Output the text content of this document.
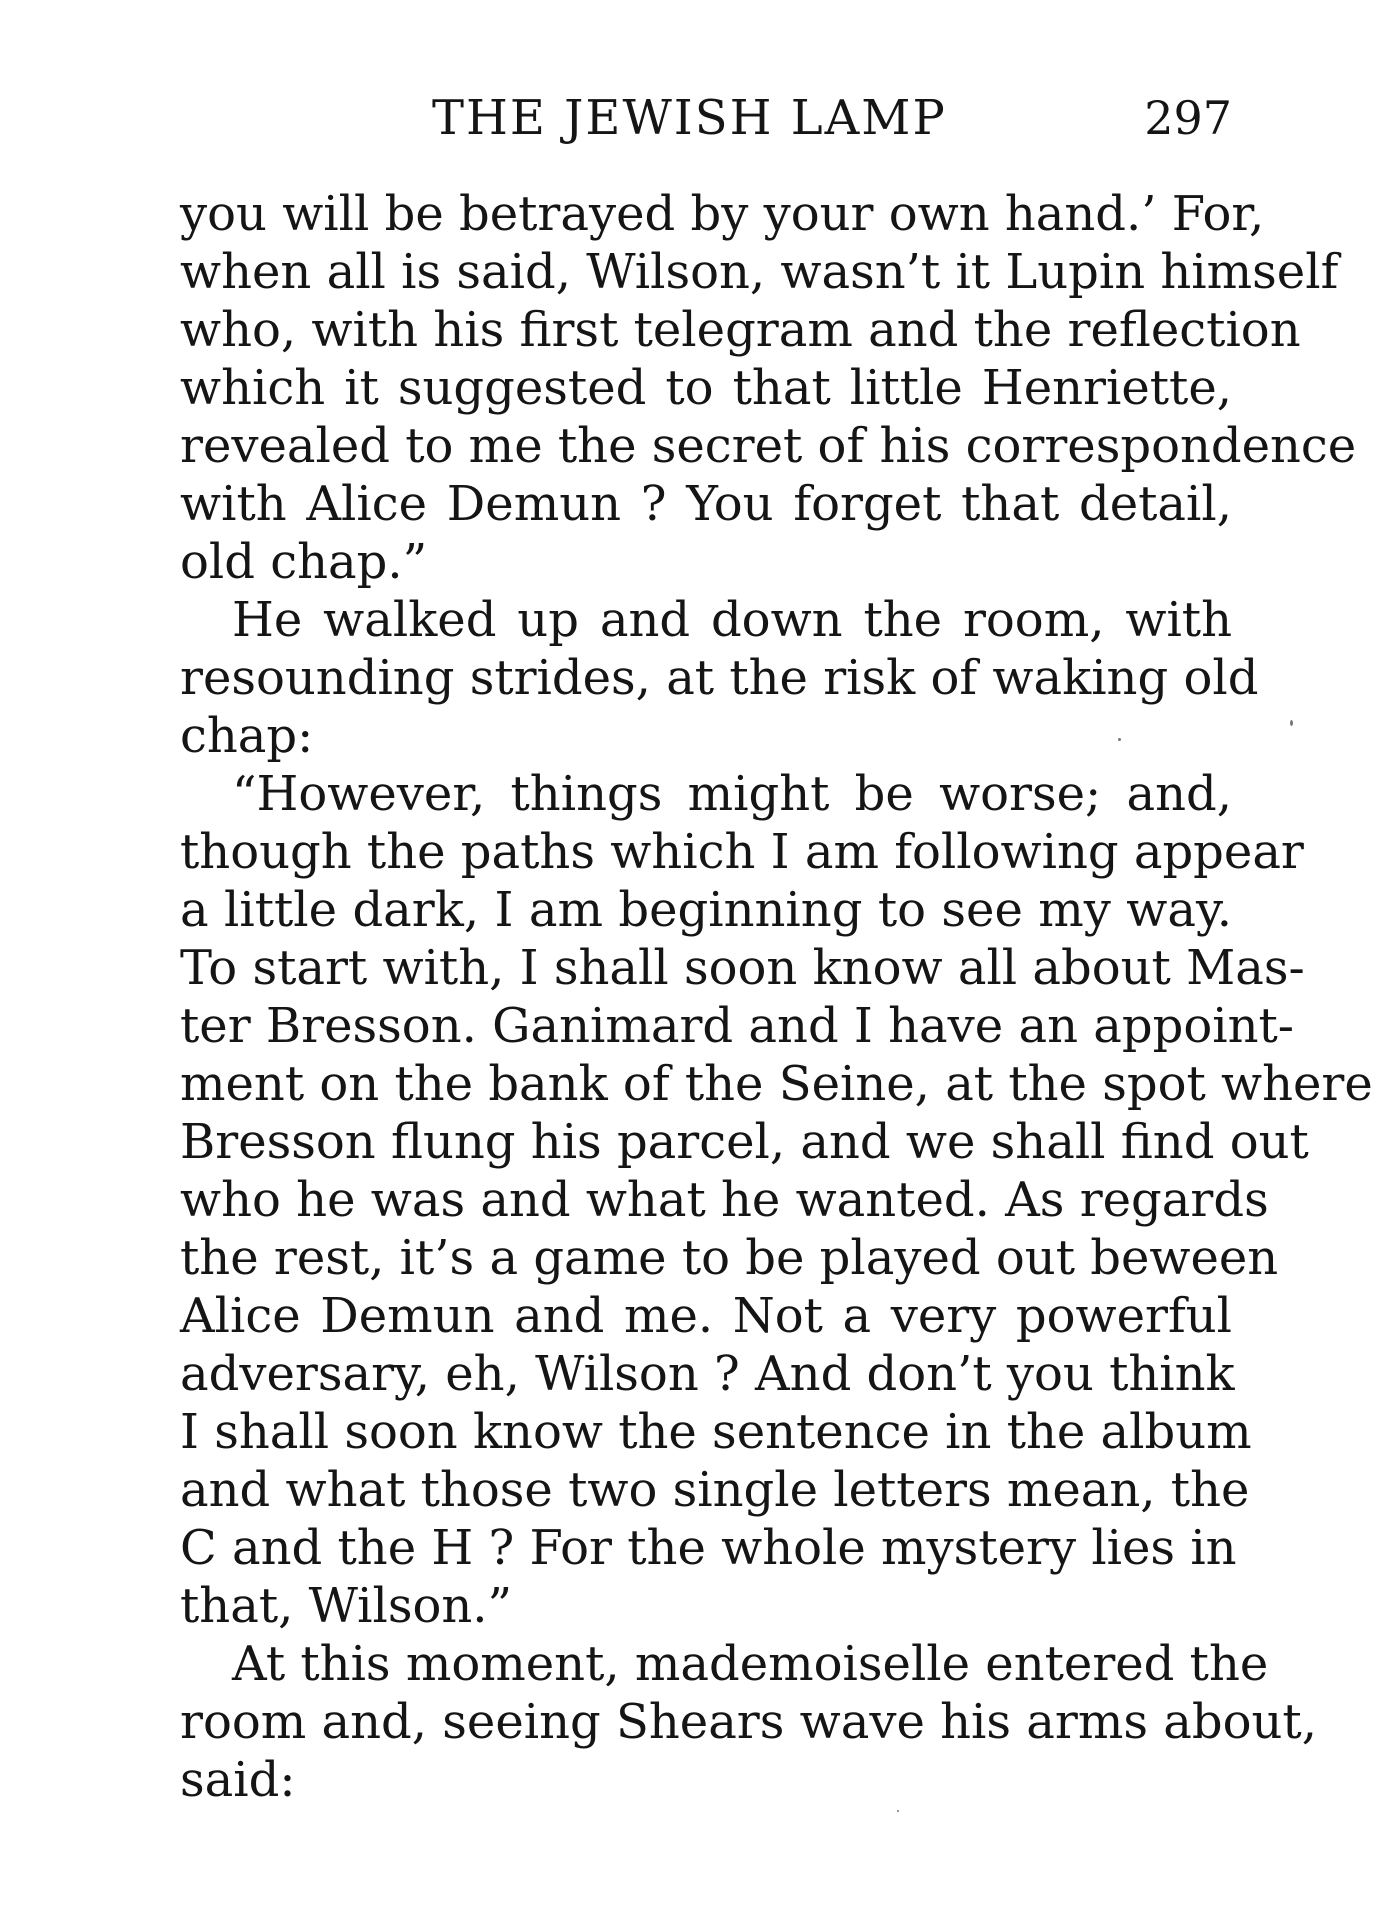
THE JEWISH LAMP	297
you will be betrayed by your own hand.’ For,
when all is said, Wilson, wasn’t it Lupin himself
who, with his first telegram and the reflection
which it suggested to that little Henriette,
revealed to me the secret of his correspondence
with Alice Demun ? You forget that detail,
old chap.”
He walked up and down the room, with
resounding strides, at the risk of waking old
chap:
“However, things might be worse; and,
though the paths which I am following appear
a little dark, I am beginning to see my way.
To start with, I shall soon know all about Mas-
ter Bresson. Ganimard and I have an appoint-
ment on the bank of the Seine, at the spot where
Bresson flung his parcel, and we shall find out
who he was and what he wanted. As regards
the rest, it’s a game to be played out beween
Alice Demun and me. Not a very powerful
adversary, eh, Wilson ? And don’t you think
I shall soon know the sentence in the album
and what those two single letters mean, the
C and the H ? For the whole mystery lies in
that, Wilson.”
At this moment, mademoiselle entered the
room and, seeing Shears wave his arms about,
said:
